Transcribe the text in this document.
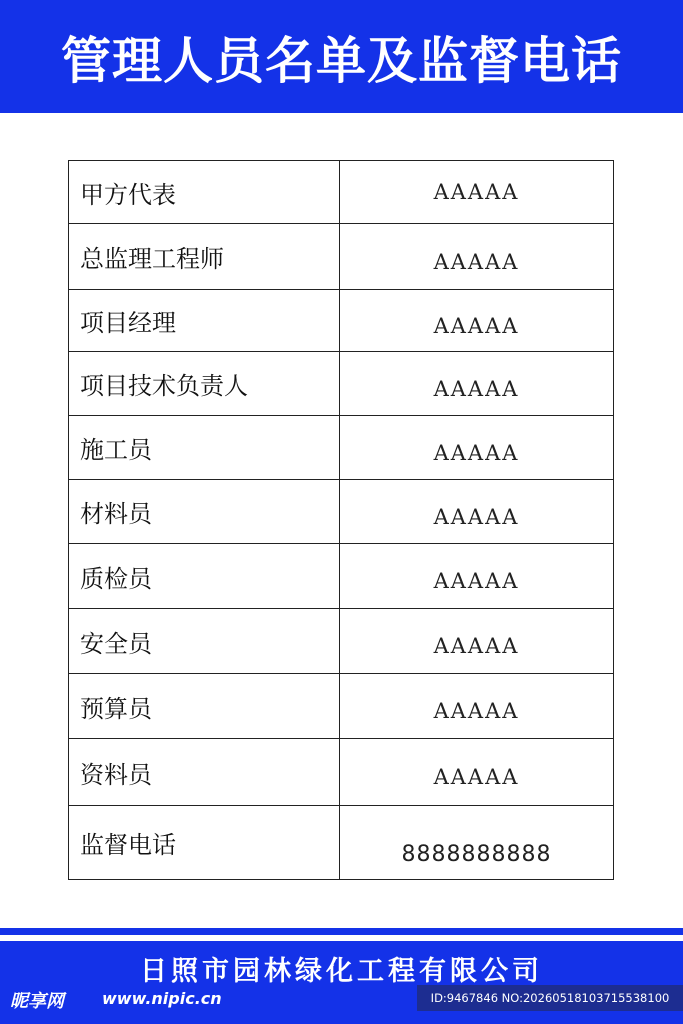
管理人员名单及监督电话
甲方代表	AAAAA
总监理工程师	AAAAA
项目经理	AAAAA
项目技术负责人	AAAAA
施工员	AAAAA
材料员	AAAAA
质检员	AAAAA
安全员	AAAAA
预算员	AAAAA
资料员	AAAAA
监督电话	8888888888
日照市园林绿化工程有限公司
昵享网 www.nipic.cn	ID:9467846 NO:20260518103715538100
